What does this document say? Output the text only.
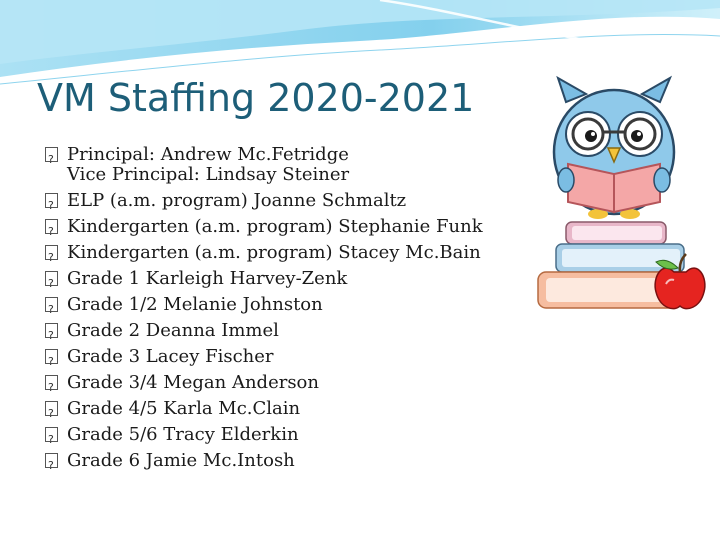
VM Staffing 2020-2021
?
Principal: Andrew Mc.Fetridge
Vice Principal: Lindsay Steiner
?
ELP (a.m. program) Joanne Schmaltz
?
Kindergarten (a.m. program) Stephanie Funk
?
Kindergarten (a.m. program) Stacey Mc.Bain
?
Grade 1 Karleigh Harvey-Zenk
?
Grade 1/2 Melanie Johnston
?
Grade 2 Deanna Immel
?
Grade 3 Lacey Fischer
?
Grade 3/4 Megan Anderson
?
Grade 4/5 Karla Mc.Clain
?
Grade 5/6 Tracy Elderkin
?
Grade 6 Jamie Mc.Intosh
